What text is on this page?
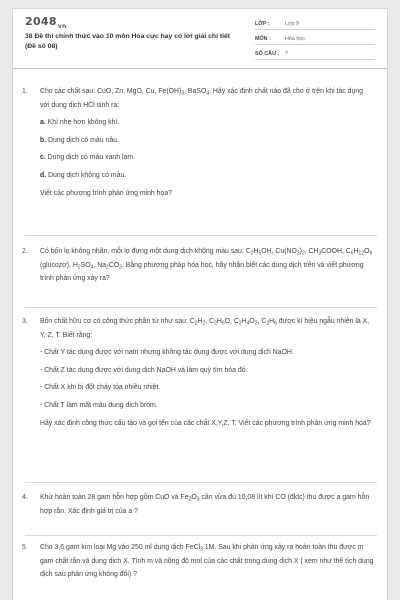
$2048_{vn}$
38 Đề thi chính thức vào 10 môn Hóa cực hay có lời giải chi tiết (Đề số 08)
LỚP :	Lớp 9
MÔN :	Hóa học
SỐ CÂU : 7
1. Cho các chất sau: CuO, Zn, MgO, Cu, $Fe(OH)_3$, BaSO$_4$. Hãy xác định chất nào đã cho ở trên khi tác dụng với dung dịch HCl sinh ra:

a. Khí nhẹ hơn không khí.

b. Dung dịch có màu nâu.

c. Dung dịch có màu xanh lam.

d. Dung dịch không có màu.

Viết các phương trình phản ứng minh họa?

2. Có bốn lọ không nhãn, mỗi lọ đựng một dung dịch không màu sau: $C_2H_5OH$, $Cu(NO_3)_2$, $CH_3COOH$, $C_6H_{12}O_6$ (glucozơ), $H_2SO_4$, $Na_2CO_3$. Bằng phương pháp hóa học, hãy nhận biết các dung dịch trên và viết phương trình phản ứng xảy ra?

3. Bốn chất hữu cơ có công thức phân tử như sau: $C_2H_2$, $C_2H_6O$, $C_2H_4O_2$, $C_2H_6$ được kí hiệu ngẫu nhiên là X, Y, Z, T. Biết rằng:

- Chất Y tác dụng được với natri nhưng không tác dụng được với dung dịch NaOH.

- Chất Z tác dụng được với dung dịch NaOH và làm quỳ tím hóa đỏ.

- Chất X khi bị đốt cháy tỏa nhiều nhiệt.

- Chất T làm mất màu dung dịch brom.

Hãy xác định công thức cấu tạo và gọi tên của các chất X,Y,Z, T. Viết các phương trình phản ứng minh họa?

4. Khử hoàn toàn 28 gam hỗn hợp gồm CuO và $Fe_2O_3$ cần vừa đủ 10,08 lít khí CO (đktc) thu được a gam hỗn hợp rắn. Xác định giá trị của a ?

5. Cho 3,6 gam kim loại Mg vào 250 ml dung dịch FeCl$_3$ 1M. Sau khi phản ứng xảy ra hoàn toàn thu được m gam chất rắn và dung dịch X. Tính m và nồng độ mol của các chất trong dung dịch X ( xem như thể tích dung dịch sau phản ứng không đổi) ?
